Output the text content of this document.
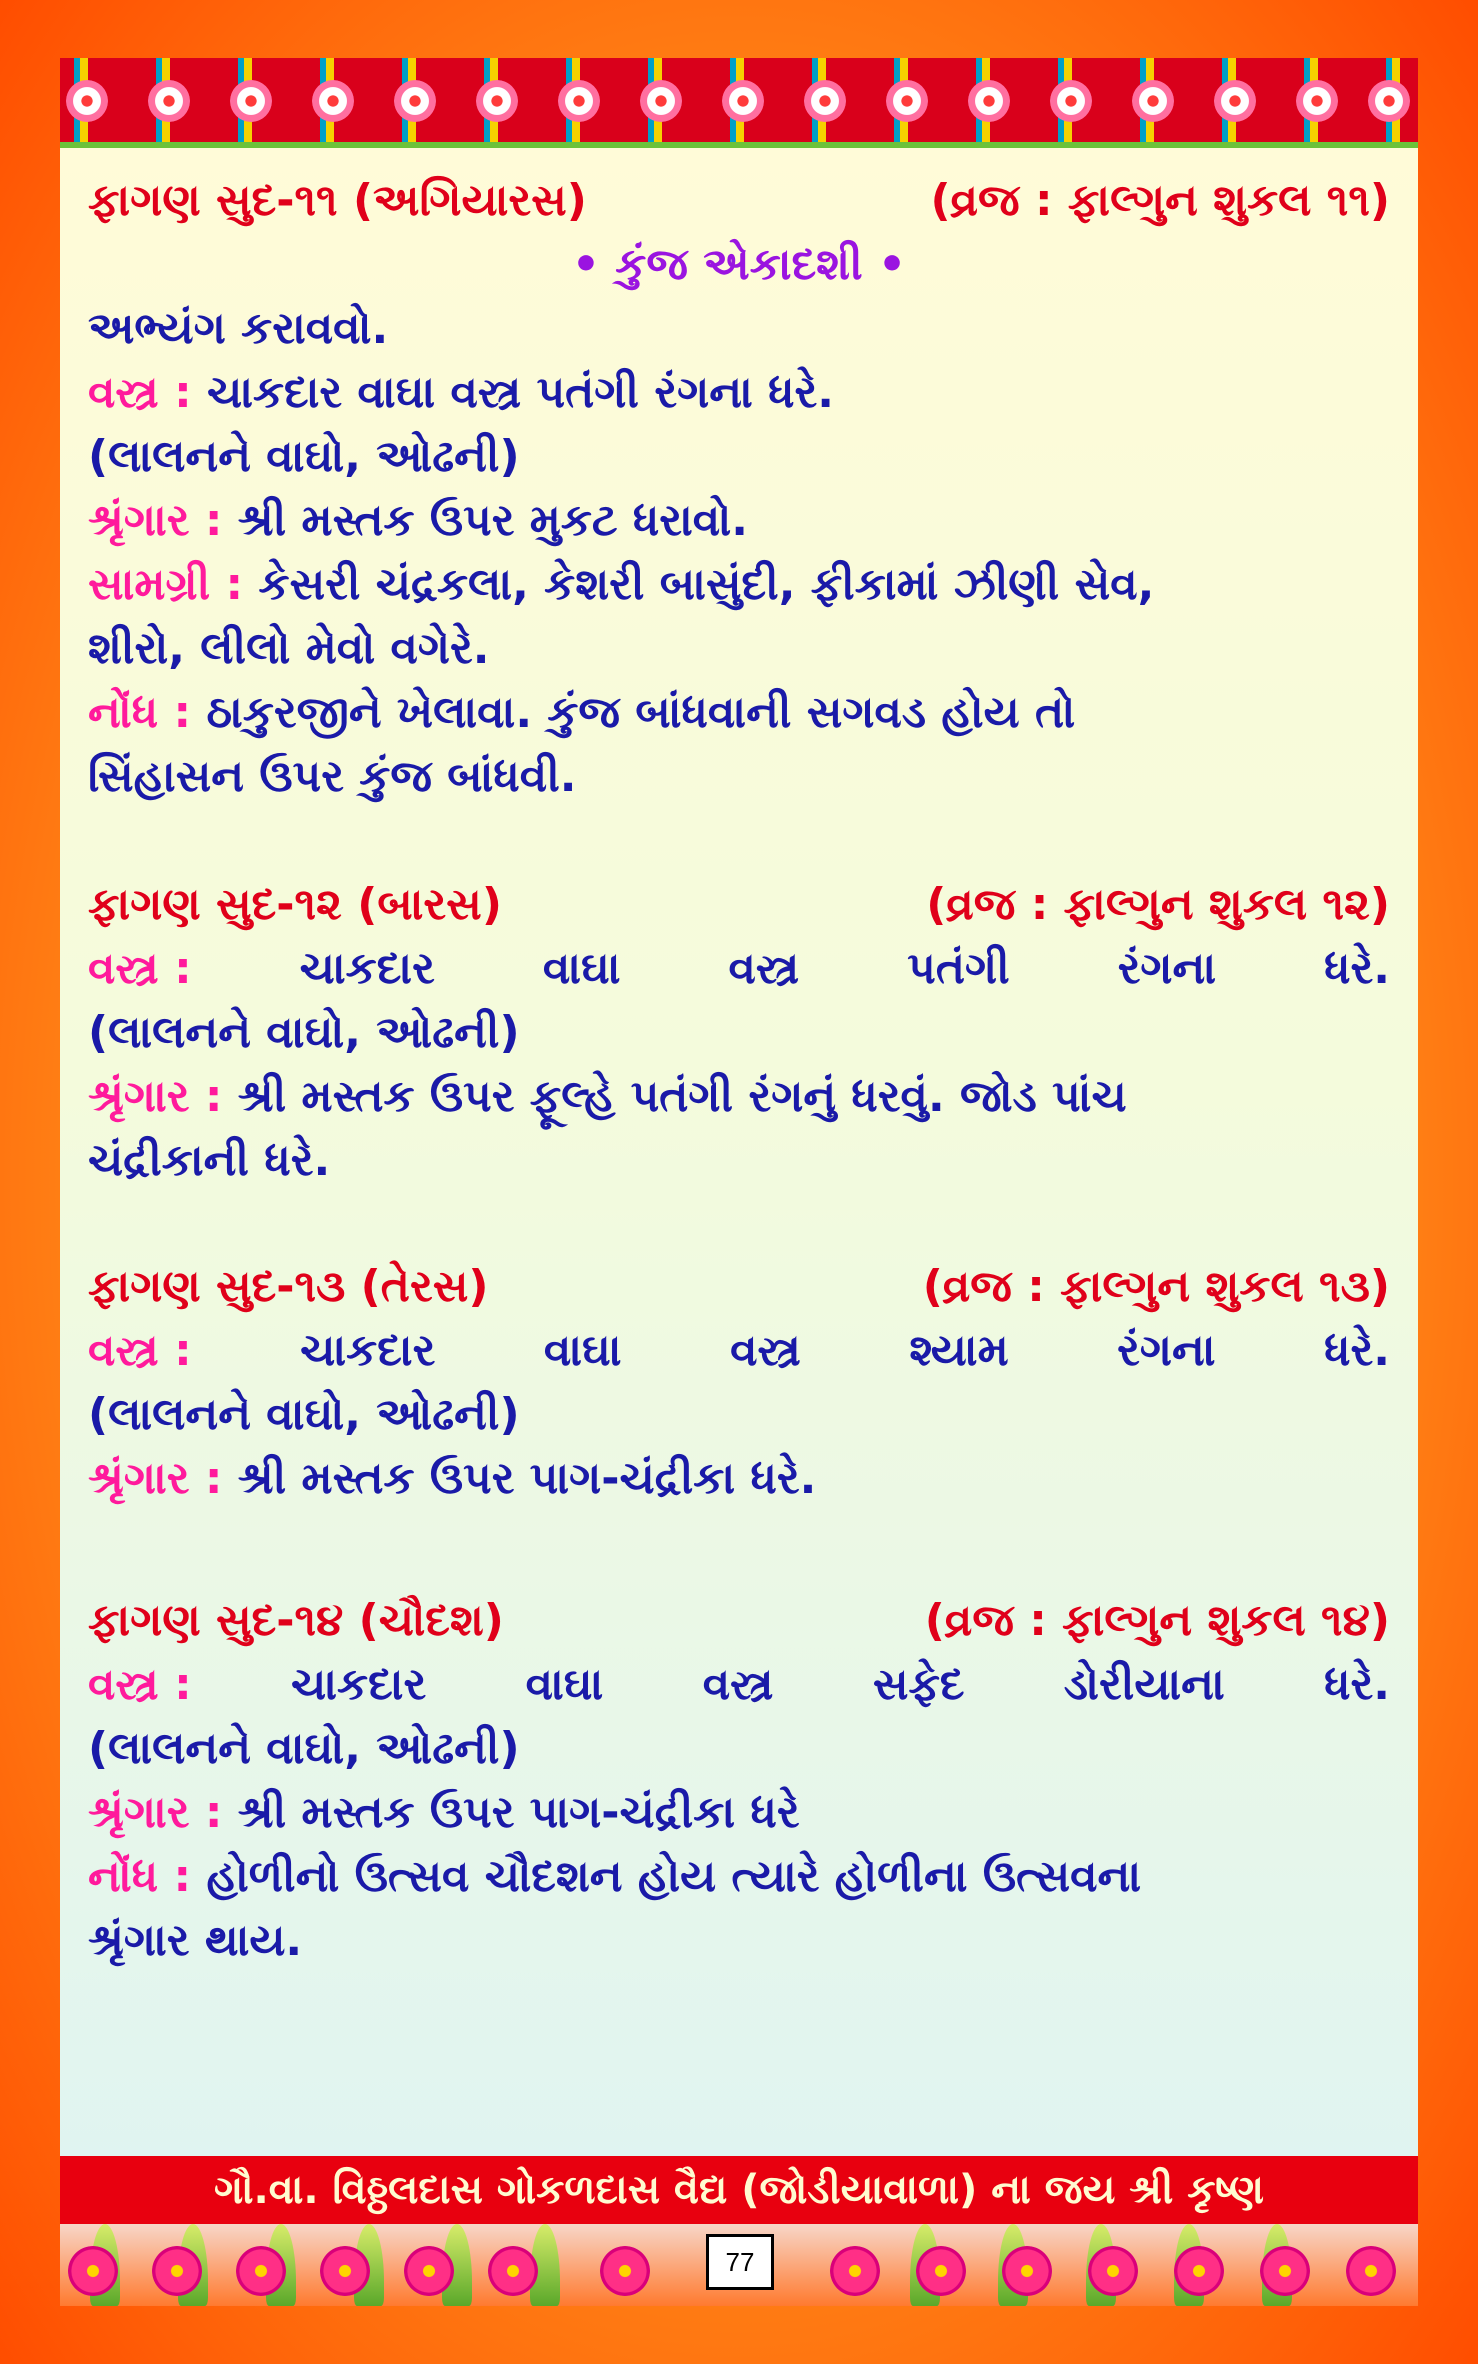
ફાગણ સુદ-૧૧ (અગિયારસ)	(વ્રજ : ફાલ્ગુન શુકલ ૧૧)
• કુંજ એકાદશી •
અભ્યંગ કરાવવો.
વસ્ત્ર : ચાકદાર વાઘા વસ્ત્ર પતંગી રંગના ધરે.
(લાલનને વાઘો, ઓઢની)
શ્રૃંગાર : શ્રી મસ્તક ઉપર મુકટ ધરાવો.
સામગ્રી : કેસરી ચંદ્રકલા, કેશરી બાસુંદી, ફીકામાં ઝીણી સેવ,
શીરો, લીલો મેવો વગેરે.
નોંધ : ઠાકુરજીને ખેલાવા. કુંજ બાંધવાની સગવડ હોય તો
સિંહાસન ઉપર કુંજ બાંધવી.
ફાગણ સુદ-૧૨ (બારસ)	(વ્રજ : ફાલ્ગુન શુકલ ૧૨)
વસ્ત્ર : ચાકદાર વાઘા વસ્ત્ર પતંગી રંગના ધરે.
(લાલનને વાઘો, ઓઢની)
શ્રૃંગાર : શ્રી મસ્તક ઉપર ફૂલ્હે પતંગી રંગનું ધરવું. જોડ પાંચ
ચંદ્રીકાની ધરે.
ફાગણ સુદ-૧૩ (તેરસ)	(વ્રજ : ફાલ્ગુન શુકલ ૧૩)
વસ્ત્ર : ચાકદાર વાઘા વસ્ત્ર શ્યામ રંગના ધરે.
(લાલનને વાઘો, ઓઢની)
શ્રૃંગાર : શ્રી મસ્તક ઉપર પાગ-ચંદ્રીકા ધરે.
ફાગણ સુદ-૧૪ (ચૌદશ)	(વ્રજ : ફાલ્ગુન શુકલ ૧૪)
વસ્ત્ર : ચાકદાર વાઘા વસ્ત્ર સફેદ ડોરીયાના ધરે.
(લાલનને વાઘો, ઓઢની)
શ્રૃંગાર : શ્રી મસ્તક ઉપર પાગ-ચંદ્રીકા ધરે
નોંધ : હોળીનો ઉત્સવ ચૌદશન હોય ત્યારે હોળીના ઉત્સવના
શ્રૃંગાર થાય.
ગૌ.વા. વિઠ્ઠલદાસ ગોકળદાસ વૈદ્ય (જોડીયાવાળા) ના જય શ્રી કૃષ્ણ
77
